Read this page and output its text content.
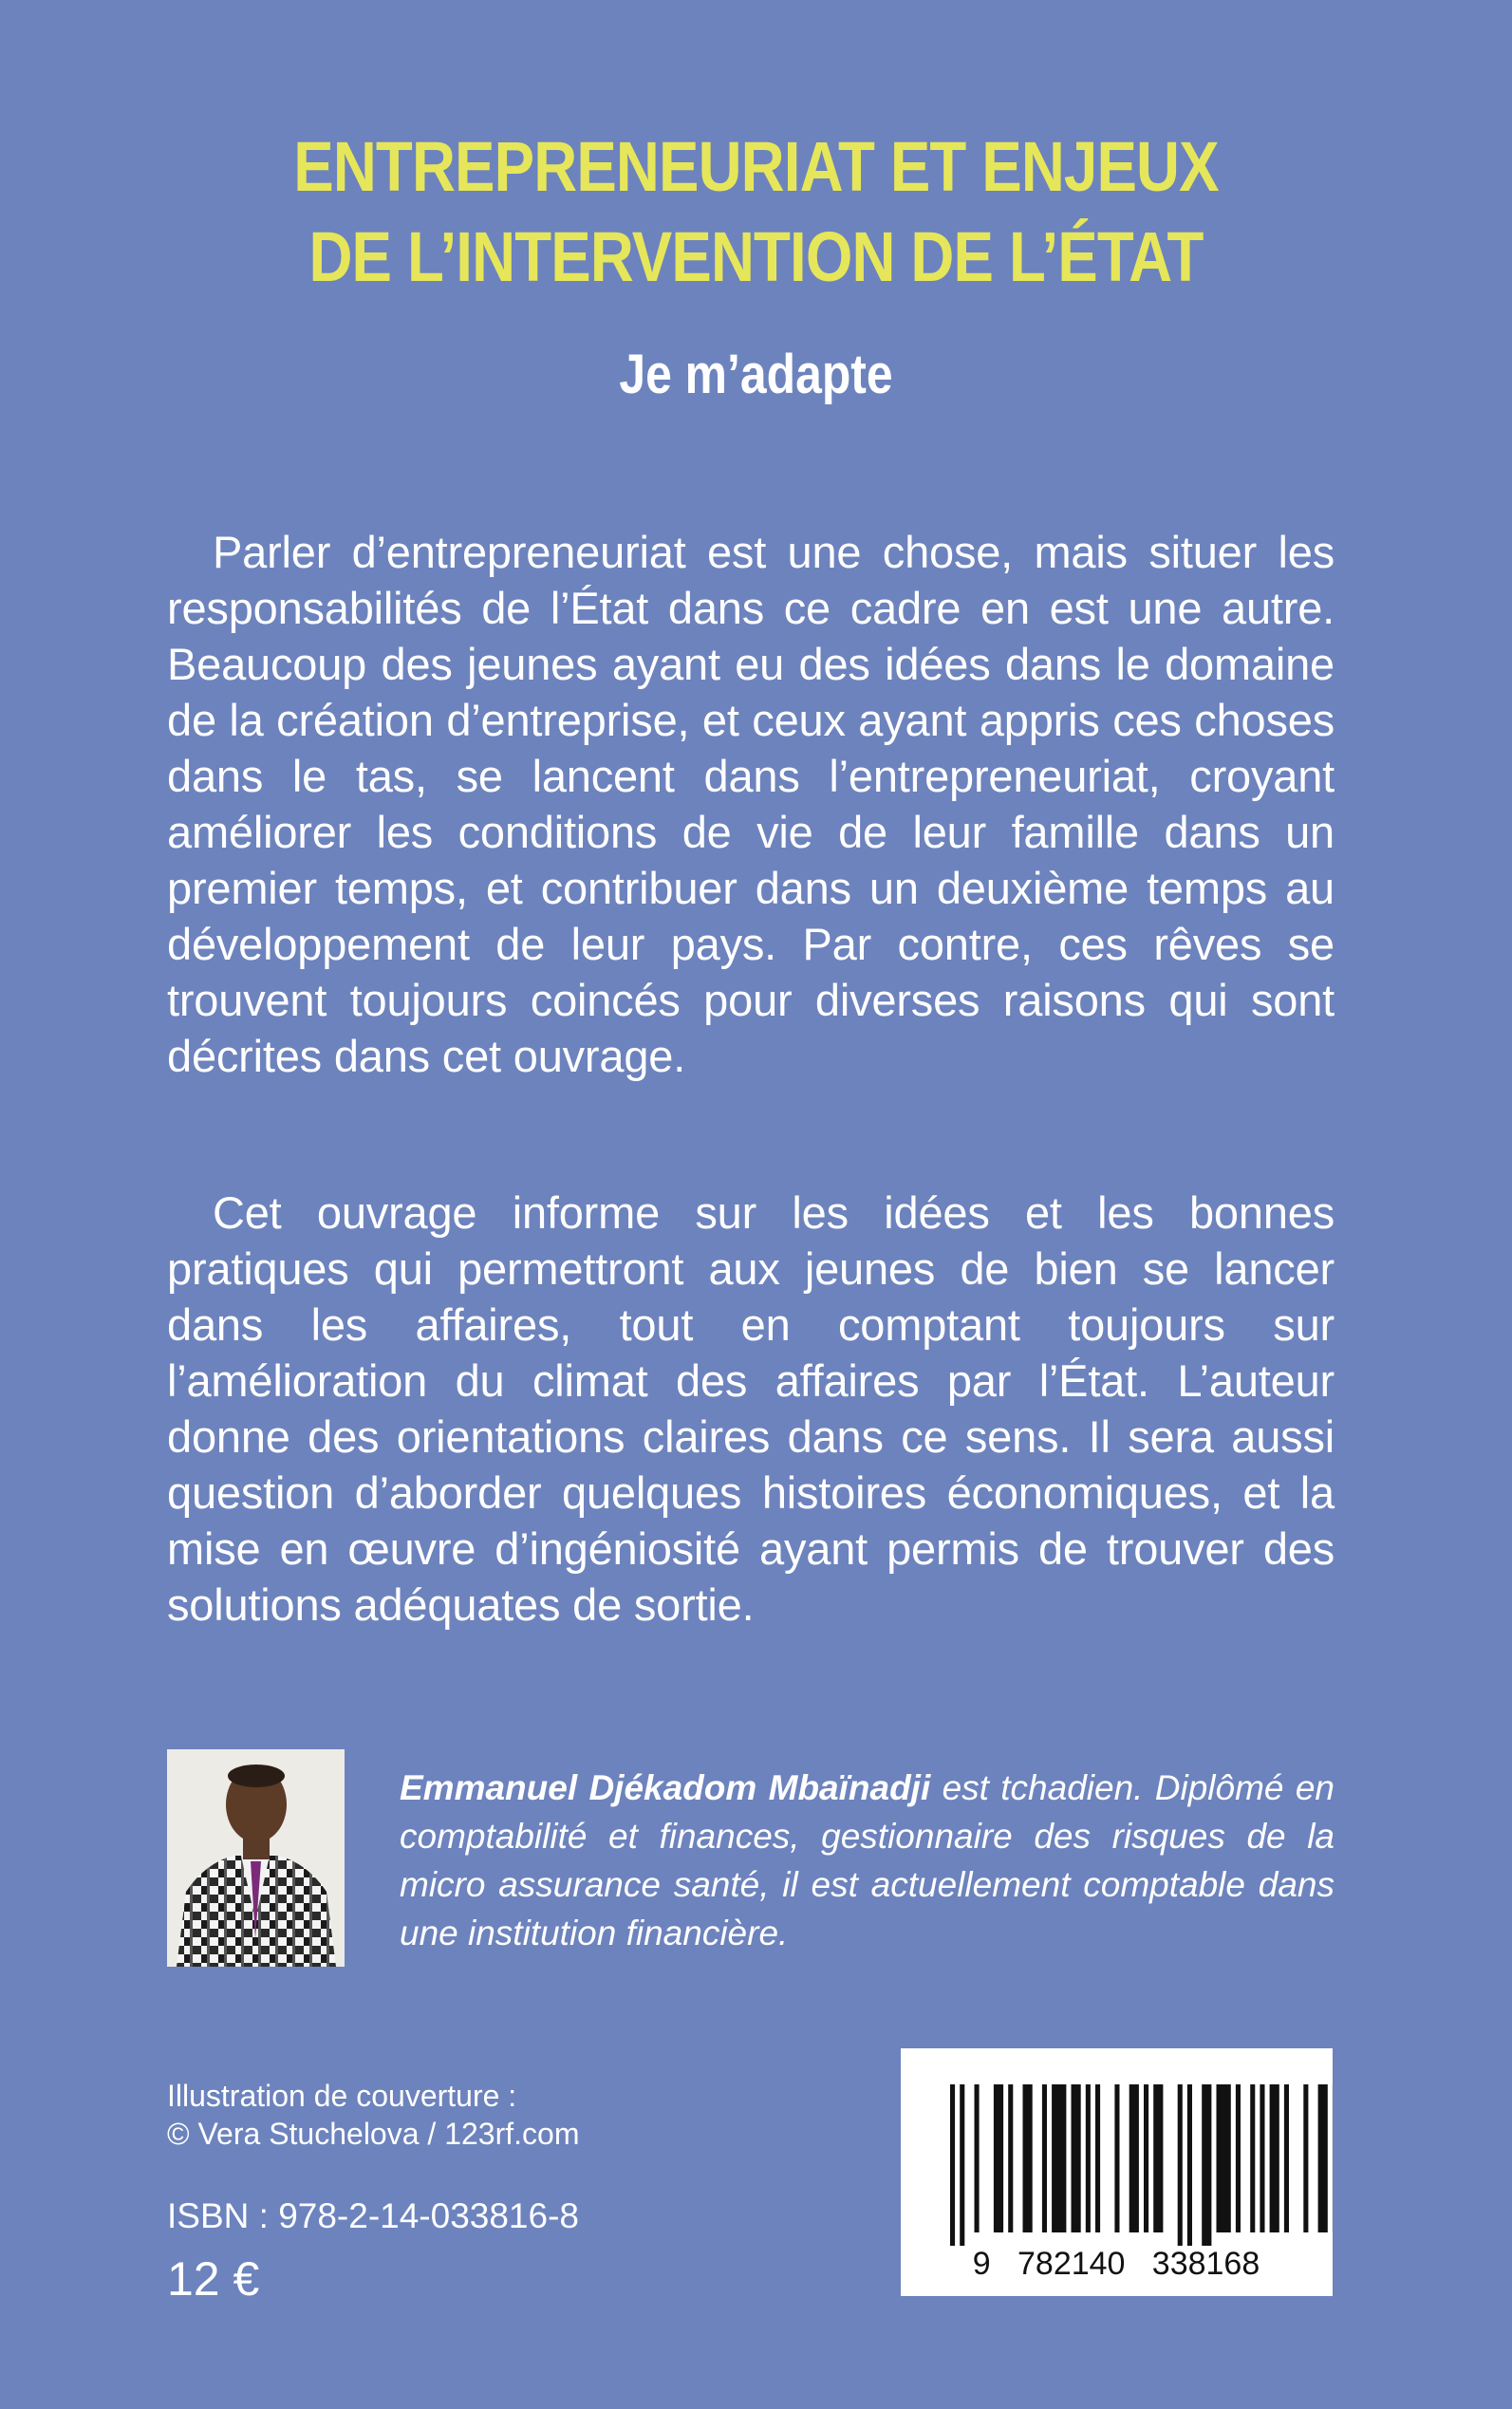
ENTREPRENEURIAT ET ENJEUX
DE L’INTERVENTION DE L’ÉTAT
Je m’adapte

Parler d’entrepreneuriat est une chose, mais situer les responsabilités de l’État dans ce cadre en est une autre. Beaucoup des jeunes ayant eu des idées dans le domaine de la création d’entreprise, et ceux ayant appris ces choses dans le tas, se lancent dans l’entrepreneuriat, croyant améliorer les conditions de vie de leur famille dans un premier temps, et contribuer dans un deuxième temps au développement de leur pays. Par contre, ces rêves se trouvent toujours coincés pour diverses raisons qui sont décrites dans cet ouvrage.

Cet ouvrage informe sur les idées et les bonnes pratiques qui permettront aux jeunes de bien se lancer dans les affaires, tout en comptant toujours sur l’amélioration du climat des affaires par l’État. L’auteur donne des orientations claires dans ce sens. Il sera aussi question d’aborder quelques histoires économiques, et la mise en œuvre d’ingéniosité ayant permis de trouver des solutions adéquates de sortie.

Emmanuel Djékadom Mbaïnadji est tchadien. Diplômé en comptabilité et finances, gestionnaire des risques de la micro assurance santé, il est actuellement comptable dans une institution financière.

Illustration de couverture :
© Vera Stuchelova / 123rf.com

ISBN : 978-2-14-033816-8

12 €	9   782140   338168
